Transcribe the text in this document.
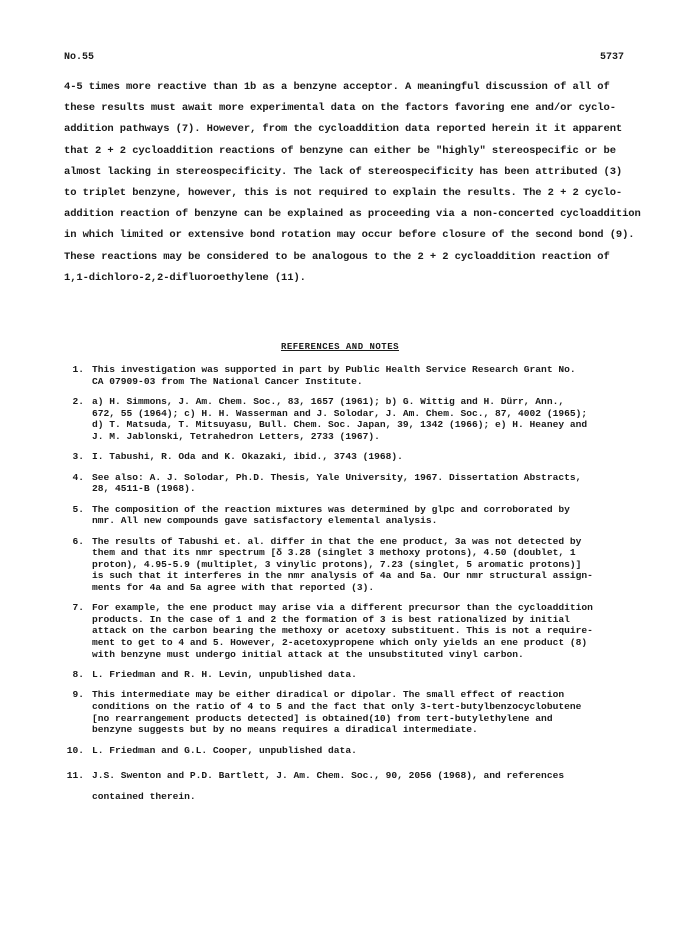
No.55	5737
4-5 times more reactive than 1b as a benzyne acceptor. A meaningful discussion of all of
these results must await more experimental data on the factors favoring ene and/or cyclo-
addition pathways (7). However, from the cycloaddition data reported herein it it apparent
that 2 + 2 cycloaddition reactions of benzyne can either be "highly" stereospecific or be
almost lacking in stereospecificity. The lack of stereospecificity has been attributed (3)
to triplet benzyne, however, this is not required to explain the results. The 2 + 2 cyclo-
addition reaction of benzyne can be explained as proceeding via a non-concerted cycloaddition
in which limited or extensive bond rotation may occur before closure of the second bond (9).
These reactions may be considered to be analogous to the 2 + 2 cycloaddition reaction of
1,1-dichloro-2,2-difluoroethylene (11).
REFERENCES AND NOTES
1. This investigation was supported in part by Public Health Service Research Grant No.
CA 07909-03 from The National Cancer Institute.
2. a) H. Simmons, J. Am. Chem. Soc., 83, 1657 (1961); b) G. Wittig and H. Dürr, Ann.,
672, 55 (1964); c) H. H. Wasserman and J. Solodar, J. Am. Chem. Soc., 87, 4002 (1965);
d) T. Matsuda, T. Mitsuyasu, Bull. Chem. Soc. Japan, 39, 1342 (1966); e) H. Heaney and
J. M. Jablonski, Tetrahedron Letters, 2733 (1967).
3. I. Tabushi, R. Oda and K. Okazaki, ibid., 3743 (1968).
4. See also: A. J. Solodar, Ph.D. Thesis, Yale University, 1967. Dissertation Abstracts,
28, 4511-B (1968).
5. The composition of the reaction mixtures was determined by glpc and corroborated by
nmr. All new compounds gave satisfactory elemental analysis.
6. The results of Tabushi et. al. differ in that the ene product, 3a was not detected by
them and that its nmr spectrum [δ 3.28 (singlet 3 methoxy protons), 4.50 (doublet, 1
proton), 4.95-5.9 (multiplet, 3 vinylic protons), 7.23 (singlet, 5 aromatic protons)]
is such that it interferes in the nmr analysis of 4a and 5a. Our nmr structural assign-
ments for 4a and 5a agree with that reported (3).
7. For example, the ene product may arise via a different precursor than the cycloaddition
products. In the case of 1 and 2 the formation of 3 is best rationalized by initial
attack on the carbon bearing the methoxy or acetoxy substituent. This is not a require-
ment to get to 4 and 5. However, 2-acetoxypropene which only yields an ene product (8)
with benzyne must undergo initial attack at the unsubstituted vinyl carbon.
8. L. Friedman and R. H. Levin, unpublished data.
9. This intermediate may be either diradical or dipolar. The small effect of reaction
conditions on the ratio of 4 to 5 and the fact that only 3-tert-butylbenzocyclobutene
[no rearrangement products detected] is obtained(10) from tert-butylethylene and
benzyne suggests but by no means requires a diradical intermediate.
10. L. Friedman and G.L. Cooper, unpublished data.
11. J.S. Swenton and P.D. Bartlett, J. Am. Chem. Soc., 90, 2056 (1968), and references
contained therein.
